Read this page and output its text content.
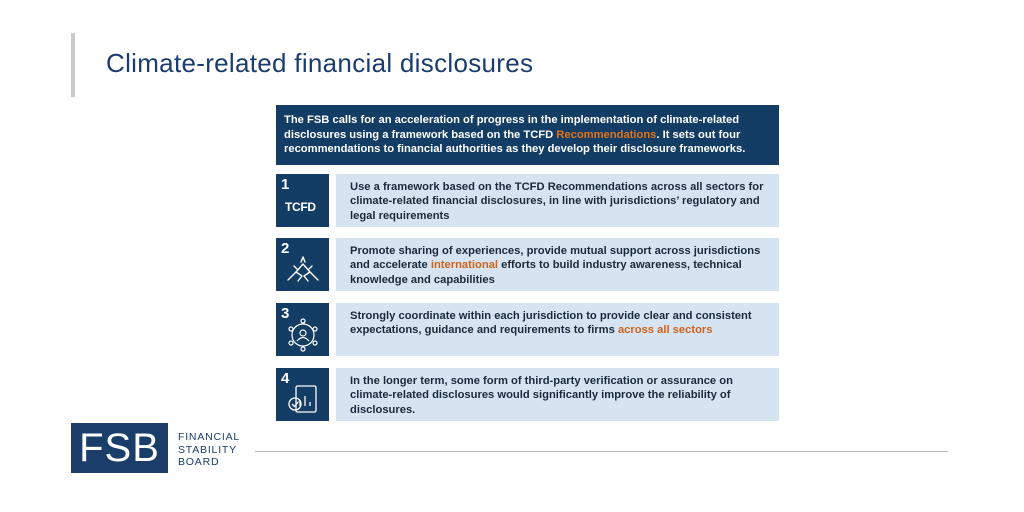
Climate-related financial disclosures
The FSB calls for an acceleration of progress in the implementation of climate-related disclosures using a framework based on the TCFD Recommendations. It sets out four recommendations to financial authorities as they develop their disclosure frameworks.
1
TCFD
Use a framework based on the TCFD Recommendations across all sectors for climate-related financial disclosures, in line with jurisdictions’ regulatory and legal requirements
2	Promote sharing of experiences, provide mutual support across jurisdictions and accelerate international efforts to build industry awareness, technical knowledge and capabilities
3	Strongly coordinate within each jurisdiction to provide clear and consistent expectations, guidance and requirements to firms across all sectors
4	In the longer term, some form of third-party verification or assurance on climate-related disclosures would significantly improve the reliability of disclosures.
FSB	FINANCIAL
STABILITY
BOARD
